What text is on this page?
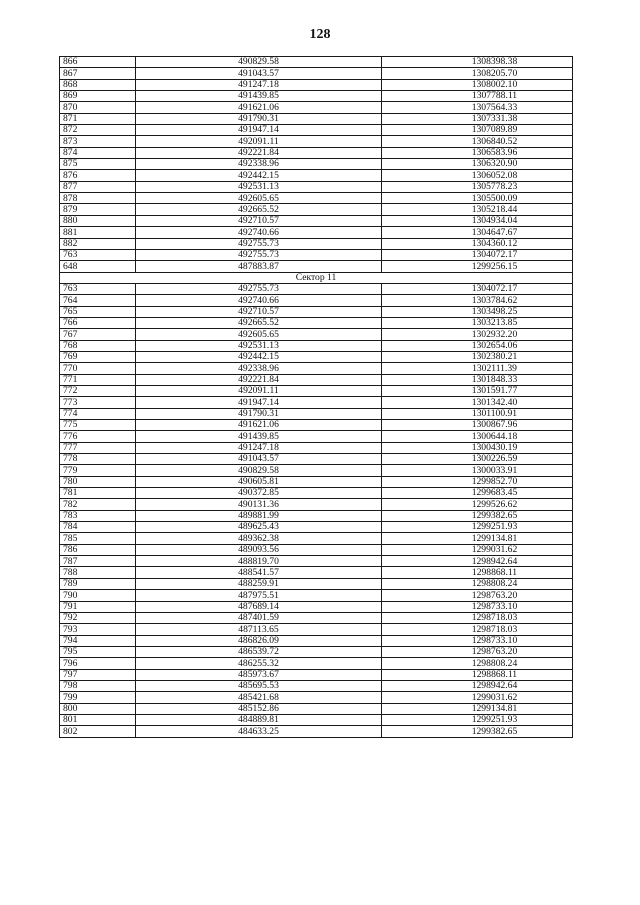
128
866	490829.58	1308398.38
867	491043.57	1308205.70
868	491247.18	1308002.10
869	491439.85	1307788.11
870	491621.06	1307564.33
871	491790.31	1307331.38
872	491947.14	1307089.89
873	492091.11	1306840.52
874	492221.84	1306583.96
875	492338.96	1306320.90
876	492442.15	1306052.08
877	492531.13	1305778.23
878	492605.65	1305500.09
879	492665.52	1305218.44
880	492710.57	1304934.04
881	492740.66	1304647.67
882	492755.73	1304360.12
763	492755.73	1304072.17
648	487883.87	1299256.15
Сектор 11		
763	492755.73	1304072.17
764	492740.66	1303784.62
765	492710.57	1303498.25
766	492665.52	1303213.85
767	492605.65	1302932.20
768	492531.13	1302654.06
769	492442.15	1302380.21
770	492338.96	1302111.39
771	492221.84	1301848.33
772	492091.11	1301591.77
773	491947.14	1301342.40
774	491790.31	1301100.91
775	491621.06	1300867.96
776	491439.85	1300644.18
777	491247.18	1300430.19
778	491043.57	1300226.59
779	490829.58	1300033.91
780	490605.81	1299852.70
781	490372.85	1299683.45
782	490131.36	1299526.62
783	489881.99	1299382.65
784	489625.43	1299251.93
785	489362.38	1299134.81
786	489093.56	1299031.62
787	488819.70	1298942.64
788	488541.57	1298868.11
789	488259.91	1298808.24
790	487975.51	1298763.20
791	487689.14	1298733.10
792	487401.59	1298718.03
793	487113.65	1298718.03
794	486826.09	1298733.10
795	486539.72	1298763.20
796	486255.32	1298808.24
797	485973.67	1298868.11
798	485695.53	1298942.64
799	485421.68	1299031.62
800	485152.86	1299134.81
801	484889.81	1299251.93
802	484633.25	1299382.65
